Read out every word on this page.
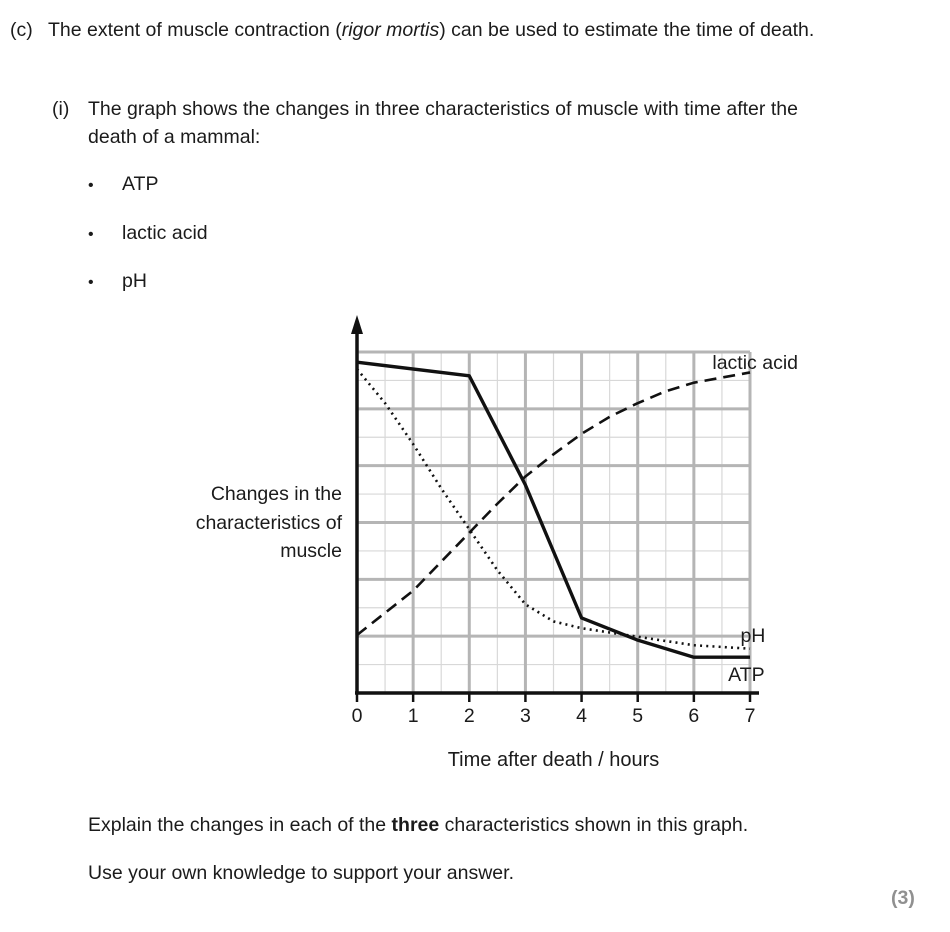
(c) The extent of muscle contraction (rigor mortis) can be used to estimate the time of death.

(i) The graph shows the changes in three characteristics of muscle with time after the death of a mammal:

•	ATP
•	lactic acid
•	pH
Changes in the characteristics of muscle
0 1 2 3 4 5 6 7
Time after death / hours
lactic acid
pH
ATP

Explain the changes in each of the three characteristics shown in this graph.

Use your own knowledge to support your answer.

(3)
